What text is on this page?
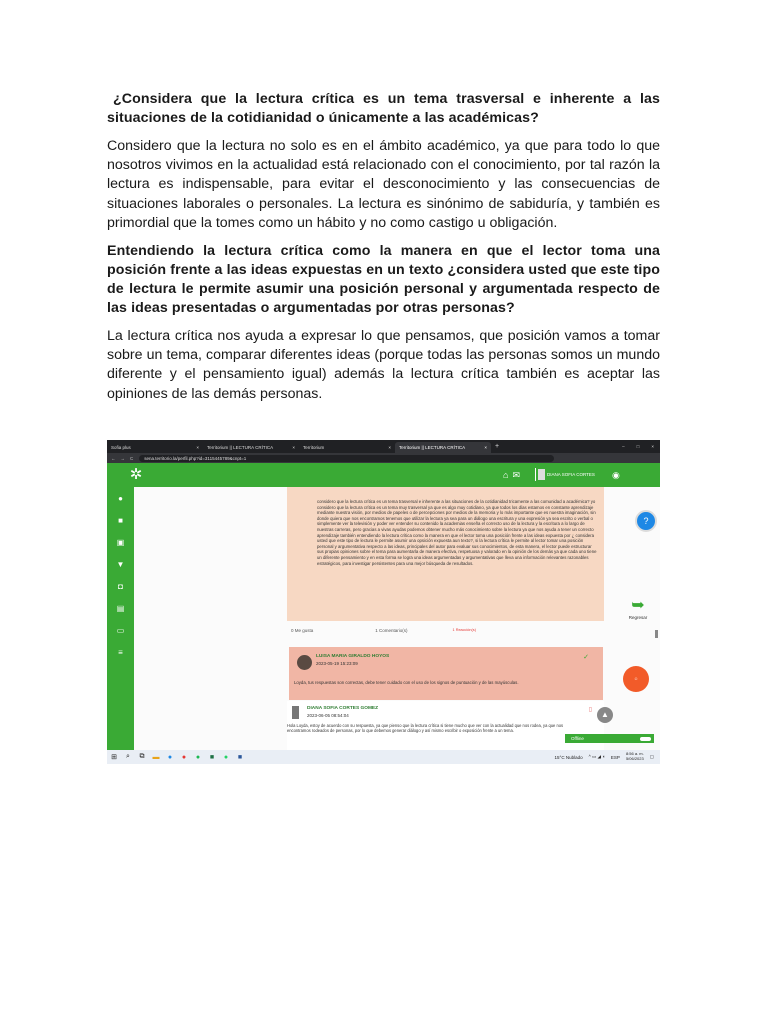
¿Considera que la lectura crítica es un tema trasversal e inherente a las situaciones de la cotidianidad o únicamente a las académicas?

Considero que la lectura no solo es en el ámbito académico, ya que para todo lo que nosotros vivimos en la actualidad está relacionado con el conocimiento, por tal razón la lectura es indispensable, para evitar el desconocimiento y las consecuencias de situaciones laborales o personales. La lectura es sinónimo de sabiduría, y también es primordial que la tomes como un hábito y no como castigo u obligación.

Entendiendo la lectura crítica como la manera en que el lector toma una posición frente a las ideas expuestas en un texto ¿considera usted que este tipo de lectura le permite asumir una posición personal y argumentada respecto de las ideas presentadas o argumentadas por otras personas?

La lectura crítica nos ayuda a expresar lo que pensamos, que posición vamos a tomar sobre un tema, comparar diferentes ideas (porque todas las personas somos un mundo diferente y el pensamiento igual) además la lectura crítica también es aceptar las opiniones de las demás personas.

Sofia plus	× Territorium || LECTURA CRÍTICA	× Territorium	× Territorium || LECTURA CRÍTICA	× +	–	□	×
← → C sena.territorio.la/perfil.php?id=3115445789&cnpt=1
✲	⌂ ✉	DIANA SOFIA CORTES ◉
●
■
▣
▼
◘
▤
▭
≡
considero que la lectura crítica es un tema trasversal e inherente a las situaciones de la cotidianidad tricamente a las comunidad a académica? yo considero que la lectura crítica es un tema muy trasversal ya que es algo muy cotidiano, ya que todos los días estamos en constante aprendizaje mediante nuestra visión, por medios de papeles o de percepciones por medios de la memoria y lo más importante que es nuestra imaginación, sin donde quiera que nos encontramos tenemos que utilizar la lectura ya sea para un diálogo una escritura y una expresión ya sea escrito o verbal o simplemente ver la televisión y poder ver entender su contenido la academias enseña el correcto uso de la lectura y la escritura a lo largo de nuestras carreras, pero gracias a vivas ayudas podemos obtener mucho más conocimiento sobre la lectura ya que nos ayuda a tener un correcto aprendizaje también entendiendo la lectura crítica como la manera en que el lector toma una posición frente a las ideas expuesta por ¿ considera usted que este tipo de lectura le permite asumir una opsición expuesta aun texto?, si la lectura crítica le permite al lector tomar una posición personal y argumentativa respecto a las ideas, principales del autor para evaluar sus conocimientos, de esta manera, el lector puede estructurar sus propias opiniones sobre el tema para aumentarla de manera efectiva, respetuosa y valorado en la opinión de los demás ya que cada uno tiene un diferente pensamiento y en esta forma se logra una ideas argumentadas y argumentativas que lleva una información relevantes razonables estratégicos, para investigar persistentes para una mejor búsqueda de resultados.
0 Me gusta	1 Comentario(s)	1 Reacción(s)
LUISA MARIA GIRALDO HOYOS
2023-05-19 15:23:09
✓
Loyda, tus respuestas son correctas, debe tener cuidado con el uso de los signos de puntuación y de las mayúsculas.
DIANA SOFIA CORTES GOMEZ
2023-06-05 08:54:04
▯
Hola Loyda, estoy de acuerdo con su respuesta, ya que pienso que la lectura crítica si tiene mucho que ver con la actualidad que nos rodea, ya que nos encontramos rodeados de personas, por lo que debemos generar diálogo y así mismo escribir o exposición frente a un tema.
?
➥
Regresar
☺
▲
Offline

⊞	⌕	⧉	▬	●	●	●	■	●	■	15°C Nublado ^ ▭ ◢ ◖ ESP
8:56 a. m.
5/06/2023 ▢
